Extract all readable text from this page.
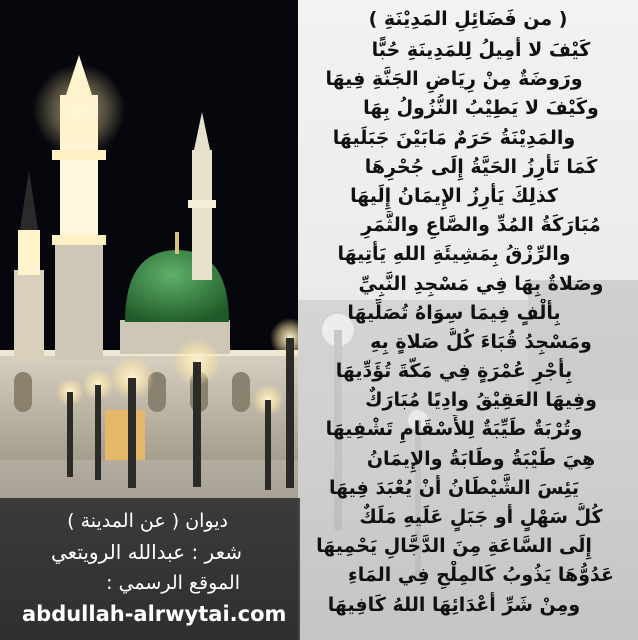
( من فَضَائِلِ المَدِيْنَةِ )
كَيْفَ لا أَمِيلُ لِلمَدِينَةِ حُبًّا
ورَوضَةٌ مِنْ رِيَاضِ الجَنَّةِ فِيهَا
وكَيْفَ لا يَطِيْبُ النُّزُولُ بِهَا
والمَدِيْنَةُ حَرَمٌ مَابَيْنَ جَبَلَيهَا
كَمَا تَأْرِزُ الحَيَّةُ إِلَى جُحْرِهَا
كذلِكَ يَأْرِزُ الإِيمَانُ إِلَيهَا
مُبَارَكَةُ المُدِّ والصَّاعِ والثَّمَرِ
والرِّزْقُ بِمَشِيئَةِ اللهِ يَأْتِيهَا
وصَلاةٌ بِهَا فِي مَسْجِدِ النَّبِيِّ
بِأَلْفٍ فِيمَا سِوَاهُ تُصَلِّيهَا
ومَسْجِدُ قُبَاءَ كُلُّ صَلاةٍ بِهِ
بِأَجْرِ عُمْرَةٍ فِي مَكَّةَ تُؤَدِّيهَا
وفِيهَا العَقِيْقُ وادِيًا مُبَارَكٌ
وتُرْبَةٌ طَيِّبَةٌ لِلأَسْقَامِ تَشْفِيهَا
هِيَ طَيْبَةُ وطَابَةُ والإِيمَانُ
يَئِسَ الشَّيْطَانُ أَنْ يُعْبَدَ فِيهَا
كُلُّ سَهْلٍ أَو جَبَلٍ عَلَيهِ مَلَكٌ
إِلَى السَّاعَةِ مِنَ الدَّجَّالِ يَحْمِيهَا
عَدُوُّهَا يَذُوبُ كَالمِلْحِ فِي المَاءِ
ومِنْ شَرِّ أَعْدَائِهَا اللهُ كَافِيهَا
ديوان ( عن المدينة )
شعر : عبدالله الرويتعي
الموقع الرسمي :
abdullah-alrwytai.com
